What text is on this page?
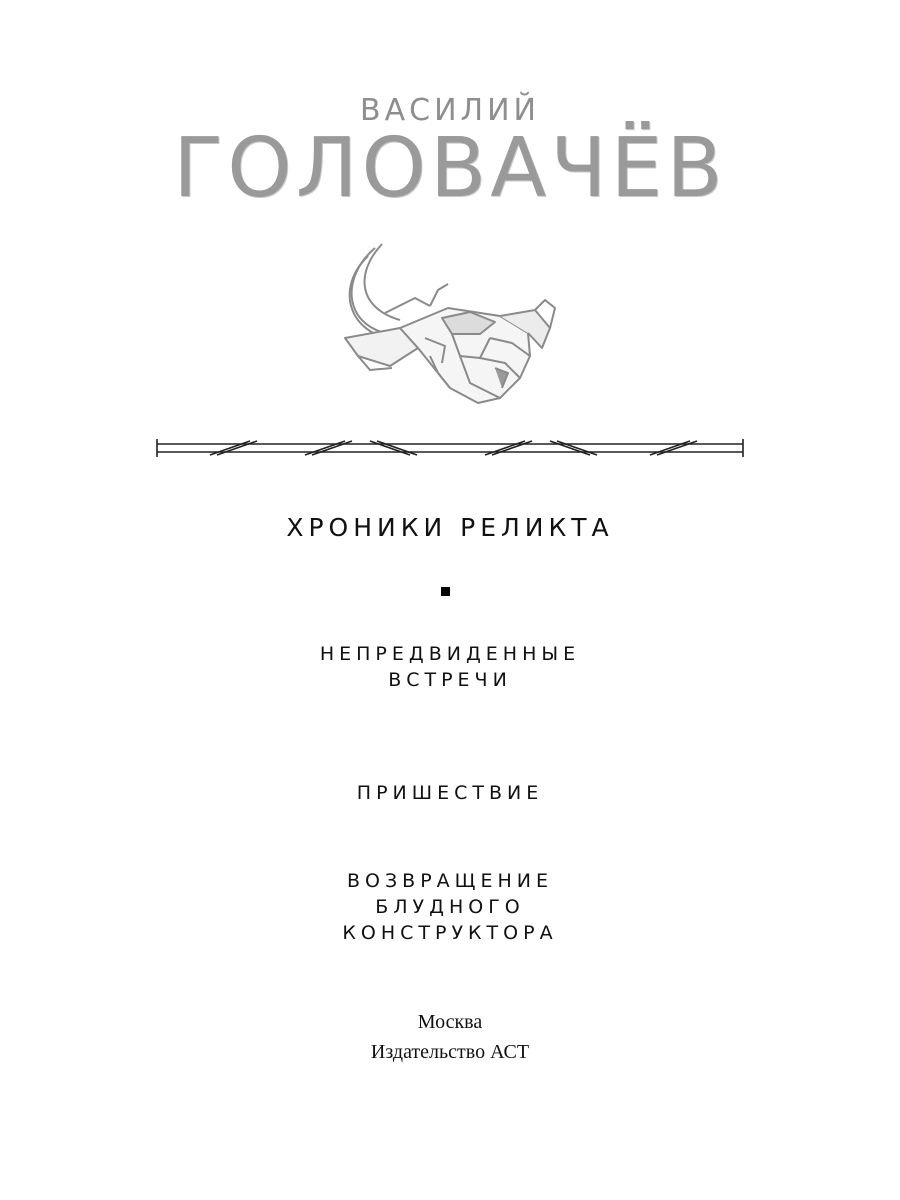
ВАСИЛИЙ
ГОЛОВАЧЁВ
ХРОНИКИ РЕЛИКТА
НЕПРЕДВИДЕННЫЕ
ВСТРЕЧИ
ПРИШЕСТВИЕ
ВОЗВРАЩЕНИЕ
БЛУДНОГО
КОНСТРУКТОРА
Москва
Издательство АСТ
